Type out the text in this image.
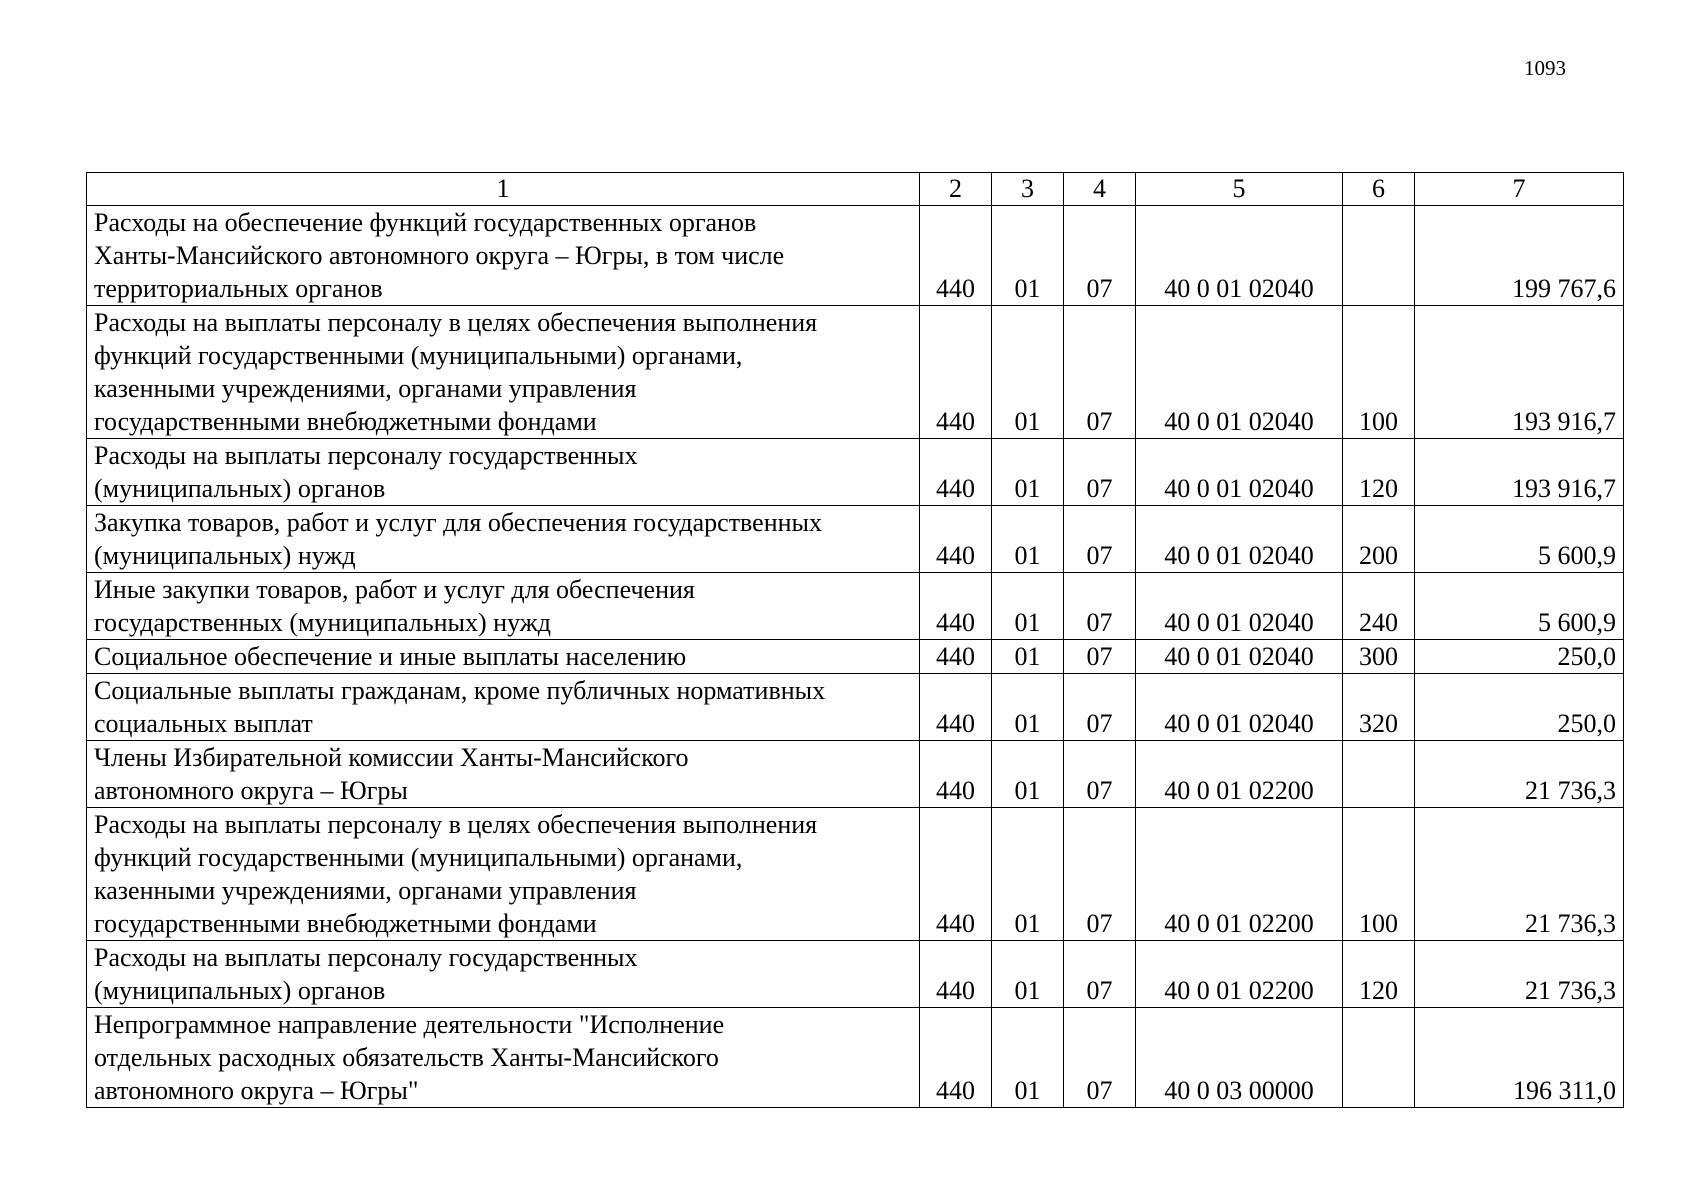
1093
1	2	3	4	5	6	7

Расходы на обеспечение функций государственных органов
Ханты-Мансийского автономного округа – Югры, в том числе
территориальных органов	440	01	07	40 0 01 02040		199 767,6

Расходы на выплаты персоналу в целях обеспечения выполнения
функций государственными (муниципальными) органами,
казенными учреждениями, органами управления
государственными внебюджетными фондами	440	01	07	40 0 01 02040	100	193 916,7

Расходы на выплаты персоналу государственных
(муниципальных) органов	440	01	07	40 0 01 02040	120	193 916,7

Закупка товаров, работ и услуг для обеспечения государственных
(муниципальных) нужд	440	01	07	40 0 01 02040	200	5 600,9

Иные закупки товаров, работ и услуг для обеспечения
государственных (муниципальных) нужд	440	01	07	40 0 01 02040	240	5 600,9

Социальное обеспечение и иные выплаты населению	440	01	07	40 0 01 02040	300	250,0

Социальные выплаты гражданам, кроме публичных нормативных
социальных выплат	440	01	07	40 0 01 02040	320	250,0

Члены Избирательной комиссии Ханты-Мансийского
автономного округа – Югры	440	01	07	40 0 01 02200		21 736,3

Расходы на выплаты персоналу в целях обеспечения выполнения
функций государственными (муниципальными) органами,
казенными учреждениями, органами управления
государственными внебюджетными фондами	440	01	07	40 0 01 02200	100	21 736,3

Расходы на выплаты персоналу государственных
(муниципальных) органов	440	01	07	40 0 01 02200	120	21 736,3

Непрограммное направление деятельности "Исполнение
отдельных расходных обязательств Ханты-Мансийского
автономного округа – Югры"	440	01	07	40 0 03 00000		196 311,0
